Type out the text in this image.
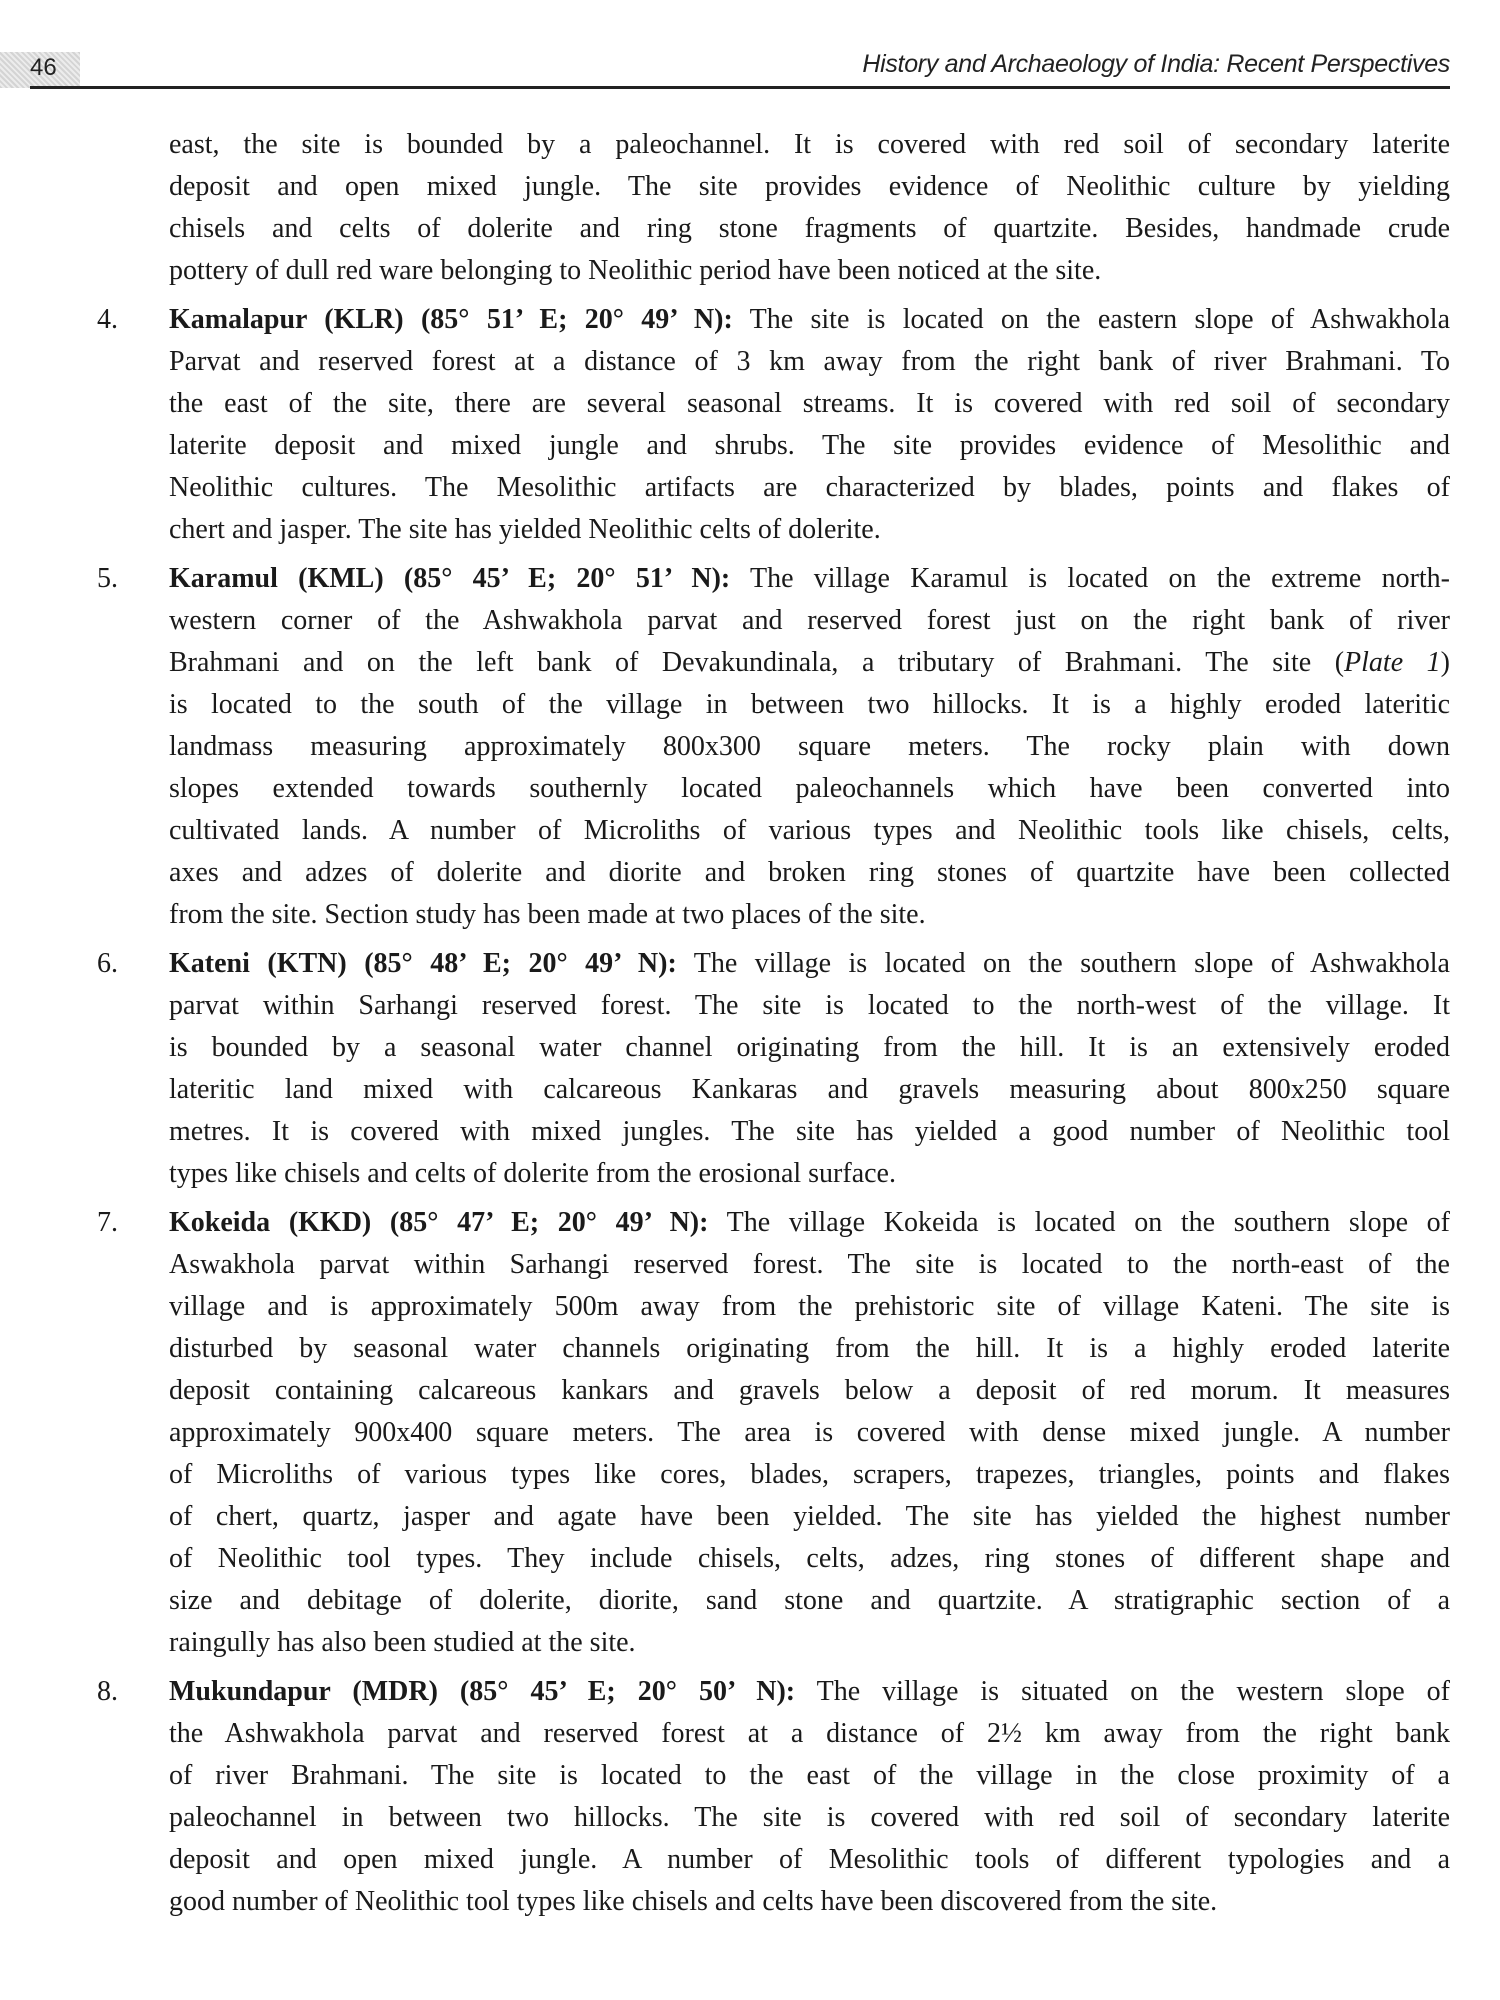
46	History and Archaeology of India: Recent Perspectives
east, the site is bounded by a paleochannel. It is covered with red soil of secondary laterite
deposit and open mixed jungle. The site provides evidence of Neolithic culture by yielding
chisels and celts of dolerite and ring stone fragments of quartzite. Besides, handmade crude
pottery of dull red ware belonging to Neolithic period have been noticed at the site.
4. Kamalapur (KLR) (85° 51’ E; 20° 49’ N): The site is located on the eastern slope of Ashwakhola
Parvat and reserved forest at a distance of 3 km away from the right bank of river Brahmani. To
the east of the site, there are several seasonal streams. It is covered with red soil of secondary
laterite deposit and mixed jungle and shrubs. The site provides evidence of Mesolithic and
Neolithic cultures. The Mesolithic artifacts are characterized by blades, points and flakes of
chert and jasper. The site has yielded Neolithic celts of dolerite.
5. Karamul (KML) (85° 45’ E; 20° 51’ N): The village Karamul is located on the extreme north-
western corner of the Ashwakhola parvat and reserved forest just on the right bank of river
Brahmani and on the left bank of Devakundinala, a tributary of Brahmani. The site (Plate 1)
is located to the south of the village in between two hillocks. It is a highly eroded lateritic
landmass measuring approximately 800x300 square meters. The rocky plain with down
slopes extended towards southernly located paleochannels which have been converted into
cultivated lands. A number of Microliths of various types and Neolithic tools like chisels, celts,
axes and adzes of dolerite and diorite and broken ring stones of quartzite have been collected
from the site. Section study has been made at two places of the site.
6. Kateni (KTN) (85° 48’ E; 20° 49’ N): The village is located on the southern slope of Ashwakhola
parvat within Sarhangi reserved forest. The site is located to the north-west of the village. It
is bounded by a seasonal water channel originating from the hill. It is an extensively eroded
lateritic land mixed with calcareous Kankaras and gravels measuring about 800x250 square
metres. It is covered with mixed jungles. The site has yielded a good number of Neolithic tool
types like chisels and celts of dolerite from the erosional surface.
7. Kokeida (KKD) (85° 47’ E; 20° 49’ N): The village Kokeida is located on the southern slope of
Aswakhola parvat within Sarhangi reserved forest. The site is located to the north-east of the
village and is approximately 500m away from the prehistoric site of village Kateni. The site is
disturbed by seasonal water channels originating from the hill. It is a highly eroded laterite
deposit containing calcareous kankars and gravels below a deposit of red morum. It measures
approximately 900x400 square meters. The area is covered with dense mixed jungle. A number
of Microliths of various types like cores, blades, scrapers, trapezes, triangles, points and flakes
of chert, quartz, jasper and agate have been yielded. The site has yielded the highest number
of Neolithic tool types. They include chisels, celts, adzes, ring stones of different shape and
size and debitage of dolerite, diorite, sand stone and quartzite. A stratigraphic section of a
raingully has also been studied at the site.
8. Mukundapur (MDR) (85° 45’ E; 20° 50’ N): The village is situated on the western slope of
the Ashwakhola parvat and reserved forest at a distance of 2½ km away from the right bank
of river Brahmani. The site is located to the east of the village in the close proximity of a
paleochannel in between two hillocks. The site is covered with red soil of secondary laterite
deposit and open mixed jungle. A number of Mesolithic tools of different typologies and a
good number of Neolithic tool types like chisels and celts have been discovered from the site.
